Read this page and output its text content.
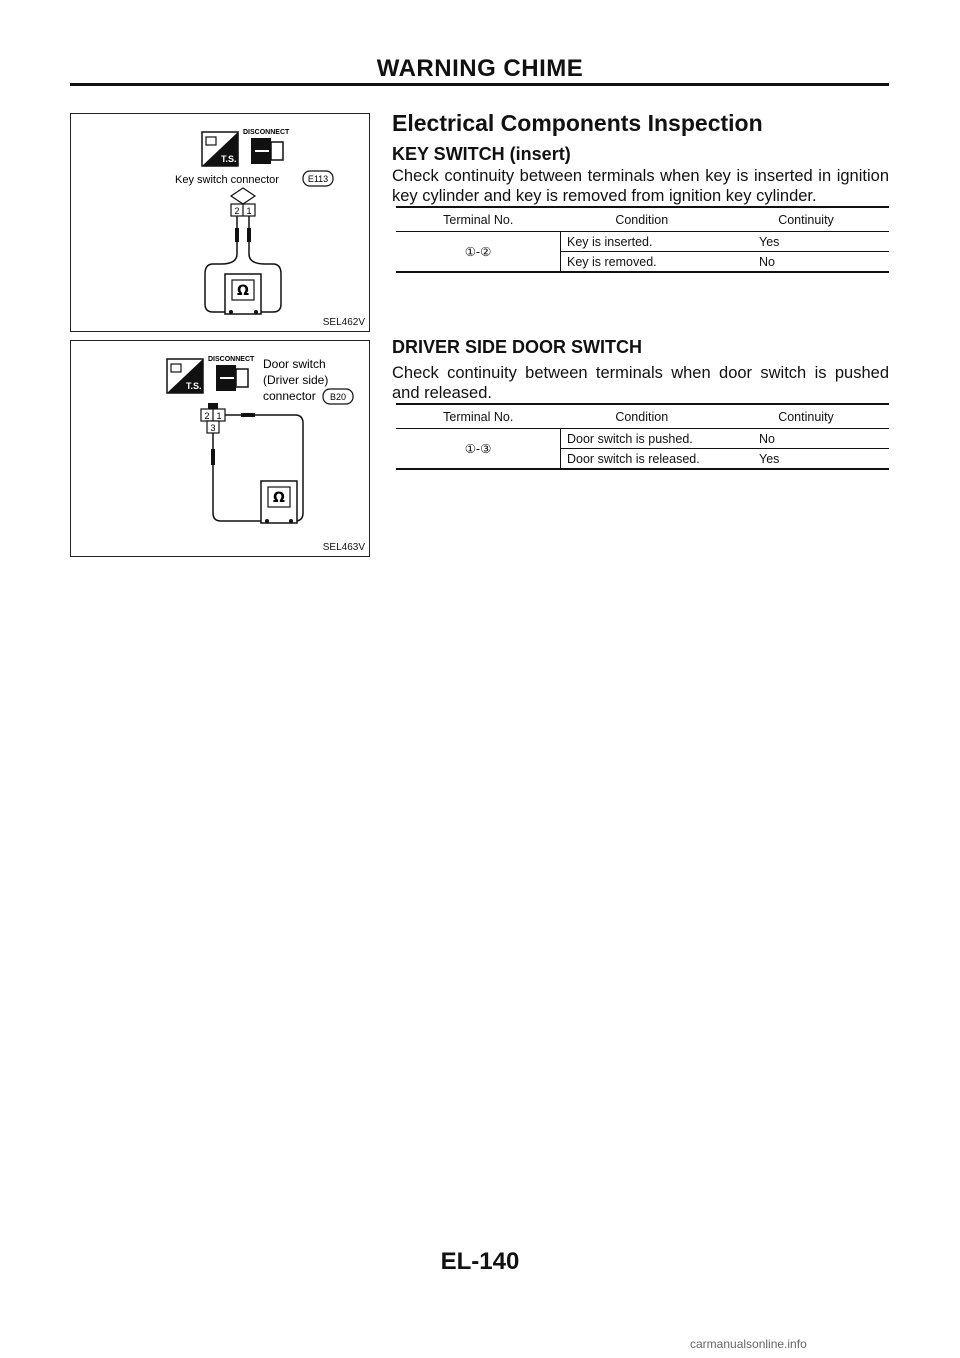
WARNING CHIME
T.S.
DISCONNECT
Key switch connector	E113
2 1
Ω
SEL462V
T.S.
DISCONNECT Door switch
(Driver side)
connector B20
2 1
3
Ω
SEL463V
Electrical Components Inspection
KEY SWITCH (insert)

Check continuity between terminals when key is inserted in ignition key cylinder and key is removed from ignition key cylinder.

Terminal No.	Condition	Continuity
①-②	Key is inserted.	Yes
	Key is removed.	No
DRIVER SIDE DOOR SWITCH

Check continuity between terminals when door switch is pushed and released.

Terminal No.	Condition	Continuity
①-③	Door switch is pushed.	No
	Door switch is released.	Yes
EL-140
carmanualsonline.info
